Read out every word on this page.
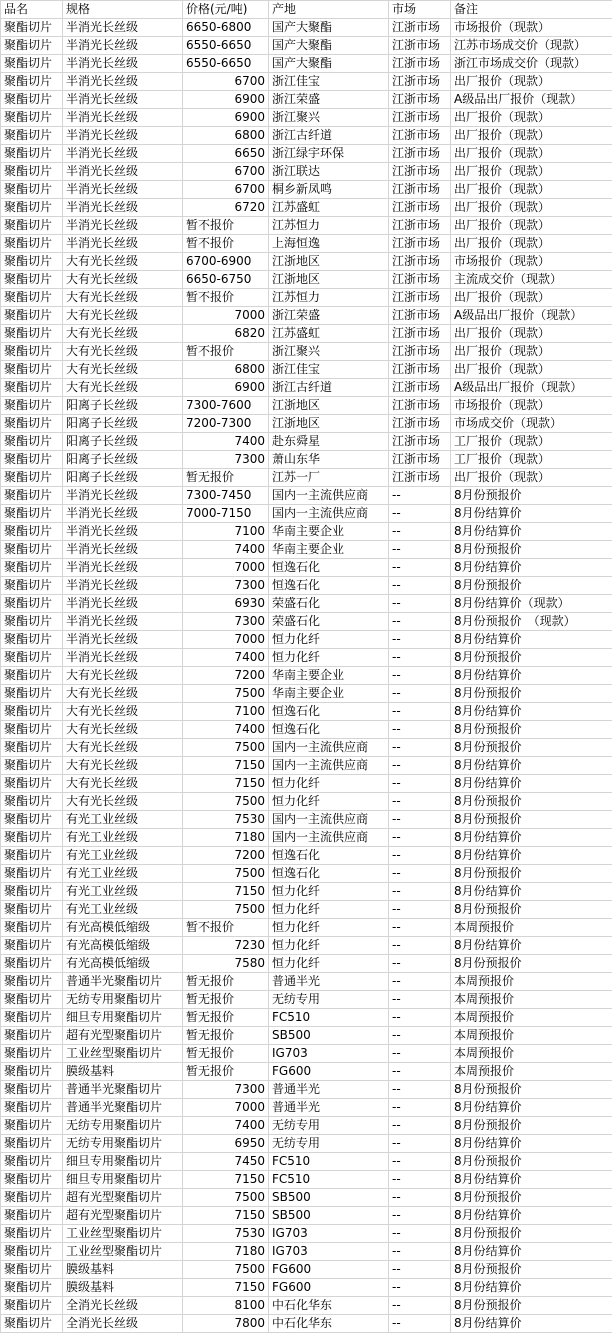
品名	规格	价格(元/吨)	产地	市场	备注
聚酯切片	半消光长丝级	6650-6800	国产大聚酯	江浙市场	市场报价（现款）
聚酯切片	半消光长丝级	6550-6650	国产大聚酯	江浙市场	江苏市场成交价（现款）
聚酯切片	半消光长丝级	6550-6650	国产大聚酯	江浙市场	浙江市场成交价（现款）
聚酯切片	半消光长丝级	6700	浙江佳宝	江浙市场	出厂报价（现款）
聚酯切片	半消光长丝级	6900	浙江荣盛	江浙市场	A级品出厂报价（现款）
聚酯切片	半消光长丝级	6900	浙江聚兴	江浙市场	出厂报价（现款）
聚酯切片	半消光长丝级	6800	浙江古纤道	江浙市场	出厂报价（现款）
聚酯切片	半消光长丝级	6650	浙江绿宇环保	江浙市场	出厂报价（现款）
聚酯切片	半消光长丝级	6700	浙江联达	江浙市场	出厂报价（现款）
聚酯切片	半消光长丝级	6700	桐乡新凤鸣	江浙市场	出厂报价（现款）
聚酯切片	半消光长丝级	6720	江苏盛虹	江浙市场	出厂报价（现款）
聚酯切片	半消光长丝级	暂不报价	江苏恒力	江浙市场	出厂报价（现款）
聚酯切片	半消光长丝级	暂不报价	上海恒逸	江浙市场	出厂报价（现款）
聚酯切片	大有光长丝级	6700-6900	江浙地区	江浙市场	市场报价（现款）
聚酯切片	大有光长丝级	6650-6750	江浙地区	江浙市场	主流成交价（现款）
聚酯切片	大有光长丝级	暂不报价	江苏恒力	江浙市场	出厂报价（现款）
聚酯切片	大有光长丝级	7000	浙江荣盛	江浙市场	A级品出厂报价（现款）
聚酯切片	大有光长丝级	6820	江苏盛虹	江浙市场	出厂报价（现款）
聚酯切片	大有光长丝级	暂不报价	浙江聚兴	江浙市场	出厂报价（现款）
聚酯切片	大有光长丝级	6800	浙江佳宝	江浙市场	出厂报价（现款）
聚酯切片	大有光长丝级	6900	浙江古纤道	江浙市场	A级品出厂报价（现款）
聚酯切片	阳离子长丝级	7300-7600	江浙地区	江浙市场	市场报价（现款）
聚酯切片	阳离子长丝级	7200-7300	江浙地区	江浙市场	市场成交价（现款）
聚酯切片	阳离子长丝级	7400	赴东舜星	江浙市场	工厂报价（现款）
聚酯切片	阳离子长丝级	7300	萧山东华	江浙市场	工厂报价（现款）
聚酯切片	阳离子长丝级	暂无报价	江苏一厂	江浙市场	出厂报价（现款）
聚酯切片	半消光长丝级	7300-7450	国内一主流供应商	--	8月份预报价
聚酯切片	半消光长丝级	7000-7150	国内一主流供应商	--	8月份结算价
聚酯切片	半消光长丝级	7100	华南主要企业	--	8月份结算价
聚酯切片	半消光长丝级	7400	华南主要企业	--	8月份预报价
聚酯切片	半消光长丝级	7000	恒逸石化	--	8月份结算价
聚酯切片	半消光长丝级	7300	恒逸石化	--	8月份预报价
聚酯切片	半消光长丝级	6930	荣盛石化	--	8月份结算价（现款）
聚酯切片	半消光长丝级	7300	荣盛石化	--	8月份预报价　（现款）
聚酯切片	半消光长丝级	7000	恒力化纤	--	8月份结算价
聚酯切片	半消光长丝级	7400	恒力化纤	--	8月份预报价
聚酯切片	大有光长丝级	7200	华南主要企业	--	8月份结算价
聚酯切片	大有光长丝级	7500	华南主要企业	--	8月份预报价
聚酯切片	大有光长丝级	7100	恒逸石化	--	8月份结算价
聚酯切片	大有光长丝级	7400	恒逸石化	--	8月份预报价
聚酯切片	大有光长丝级	7500	国内一主流供应商	--	8月份预报价
聚酯切片	大有光长丝级	7150	国内一主流供应商	--	8月份结算价
聚酯切片	大有光长丝级	7150	恒力化纤	--	8月份结算价
聚酯切片	大有光长丝级	7500	恒力化纤	--	8月份预报价
聚酯切片	有光工业丝级	7530	国内一主流供应商	--	8月份预报价
聚酯切片	有光工业丝级	7180	国内一主流供应商	--	8月份结算价
聚酯切片	有光工业丝级	7200	恒逸石化	--	8月份结算价
聚酯切片	有光工业丝级	7500	恒逸石化	--	8月份预报价
聚酯切片	有光工业丝级	7150	恒力化纤	--	8月份结算价
聚酯切片	有光工业丝级	7500	恒力化纤	--	8月份预报价
聚酯切片	有光高模低缩级	暂不报价	恒力化纤	--	本周预报价
聚酯切片	有光高模低缩级	7230	恒力化纤	--	8月份结算价
聚酯切片	有光高模低缩级	7580	恒力化纤	--	8月份预报价
聚酯切片	普通半光聚酯切片	暂无报价	普通半光	--	本周预报价
聚酯切片	无纺专用聚酯切片	暂无报价	无纺专用	--	本周预报价
聚酯切片	细旦专用聚酯切片	暂无报价	FC510	--	本周预报价
聚酯切片	超有光型聚酯切片	暂无报价	SB500	--	本周预报价
聚酯切片	工业丝型聚酯切片	暂无报价	IG703	--	本周预报价
聚酯切片	膜级基料	暂无报价	FG600	--	本周预报价
聚酯切片	普通半光聚酯切片	7300	普通半光	--	8月份预报价
聚酯切片	普通半光聚酯切片	7000	普通半光	--	8月份结算价
聚酯切片	无纺专用聚酯切片	7400	无纺专用	--	8月份预报价
聚酯切片	无纺专用聚酯切片	6950	无纺专用	--	8月份结算价
聚酯切片	细旦专用聚酯切片	7450	FC510	--	8月份预报价
聚酯切片	细旦专用聚酯切片	7150	FC510	--	8月份结算价
聚酯切片	超有光型聚酯切片	7500	SB500	--	8月份预报价
聚酯切片	超有光型聚酯切片	7150	SB500	--	8月份结算价
聚酯切片	工业丝型聚酯切片	7530	IG703	--	8月份预报价
聚酯切片	工业丝型聚酯切片	7180	IG703	--	8月份结算价
聚酯切片	膜级基料	7500	FG600	--	8月份预报价
聚酯切片	膜级基料	7150	FG600	--	8月份结算价
聚酯切片	全消光长丝级	8100	中石化华东	--	8月份预报价
聚酯切片	全消光长丝级	7800	中石化华东	--	8月份结算价
